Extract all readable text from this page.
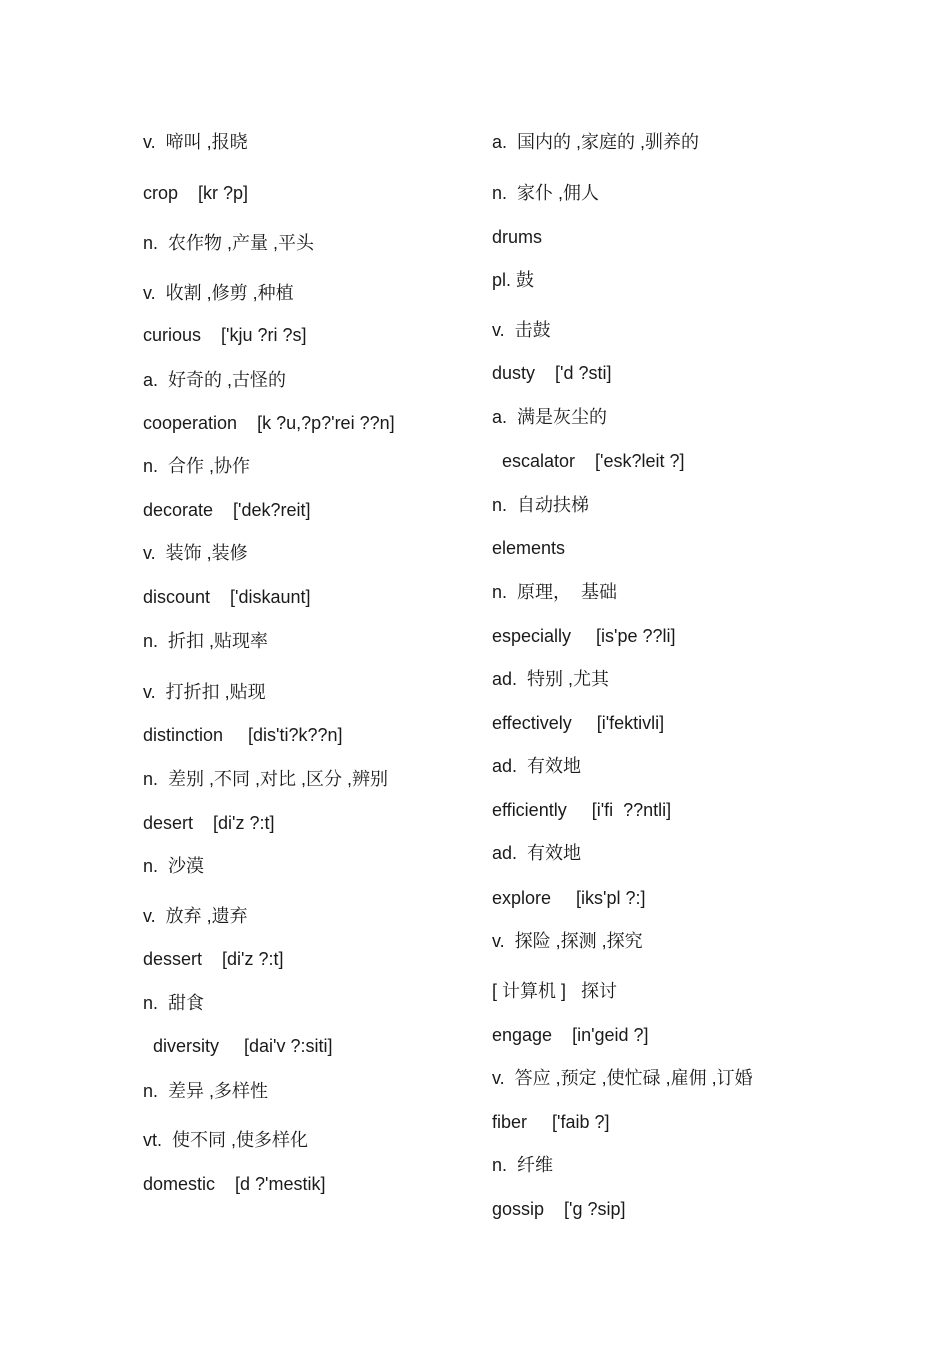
v.  啼叫 ,报晓
crop    [kr ?p]
n.  农作物 ,产量 ,平头
v.  收割 ,修剪 ,种植
curious    ['kju ?ri ?s]
a.  好奇的 ,古怪的
cooperation    [k ?u,?p?'rei ??n]
n.  合作 ,协作
decorate    ['dek?reit]
v.  装饰 ,装修
discount    ['diskaunt]
n.  折扣 ,贴现率
v.  打折扣 ,贴现
distinction     [dis'ti?k??n]
n.  差别 ,不同 ,对比 ,区分 ,辨别
desert    [di'z ?:t]
n.  沙漠
v.  放弃 ,遗弃
dessert    [di'z ?:t]
n.  甜食
diversity     [dai'v ?:siti]
n.  差异 ,多样性
vt.  使不同 ,使多样化
domestic    [d ?'mestik]
a.  国内的 ,家庭的 ,驯养的
n.  家仆 ,佣人
drums
pl. 鼓
v.  击鼓
dusty    ['d ?sti]
a.  满是灰尘的
escalator    ['esk?leit ?]
n.  自动扶梯
elements
n.  原理，  基础
especially     [is'pe ??li]
ad.  特别 ,尤其
effectively     [i'fektivli]
ad.  有效地
efficiently     [i'fi  ??ntli]
ad.  有效地
explore     [iks'pl ?:]
v.  探险 ,探测 ,探究
[ 计算机 ]   探讨
engage    [in'geid ?]
v.  答应 ,预定 ,使忙碌 ,雇佣 ,订婚
fiber     ['faib ?]
n.  纤维
gossip    ['g ?sip]
